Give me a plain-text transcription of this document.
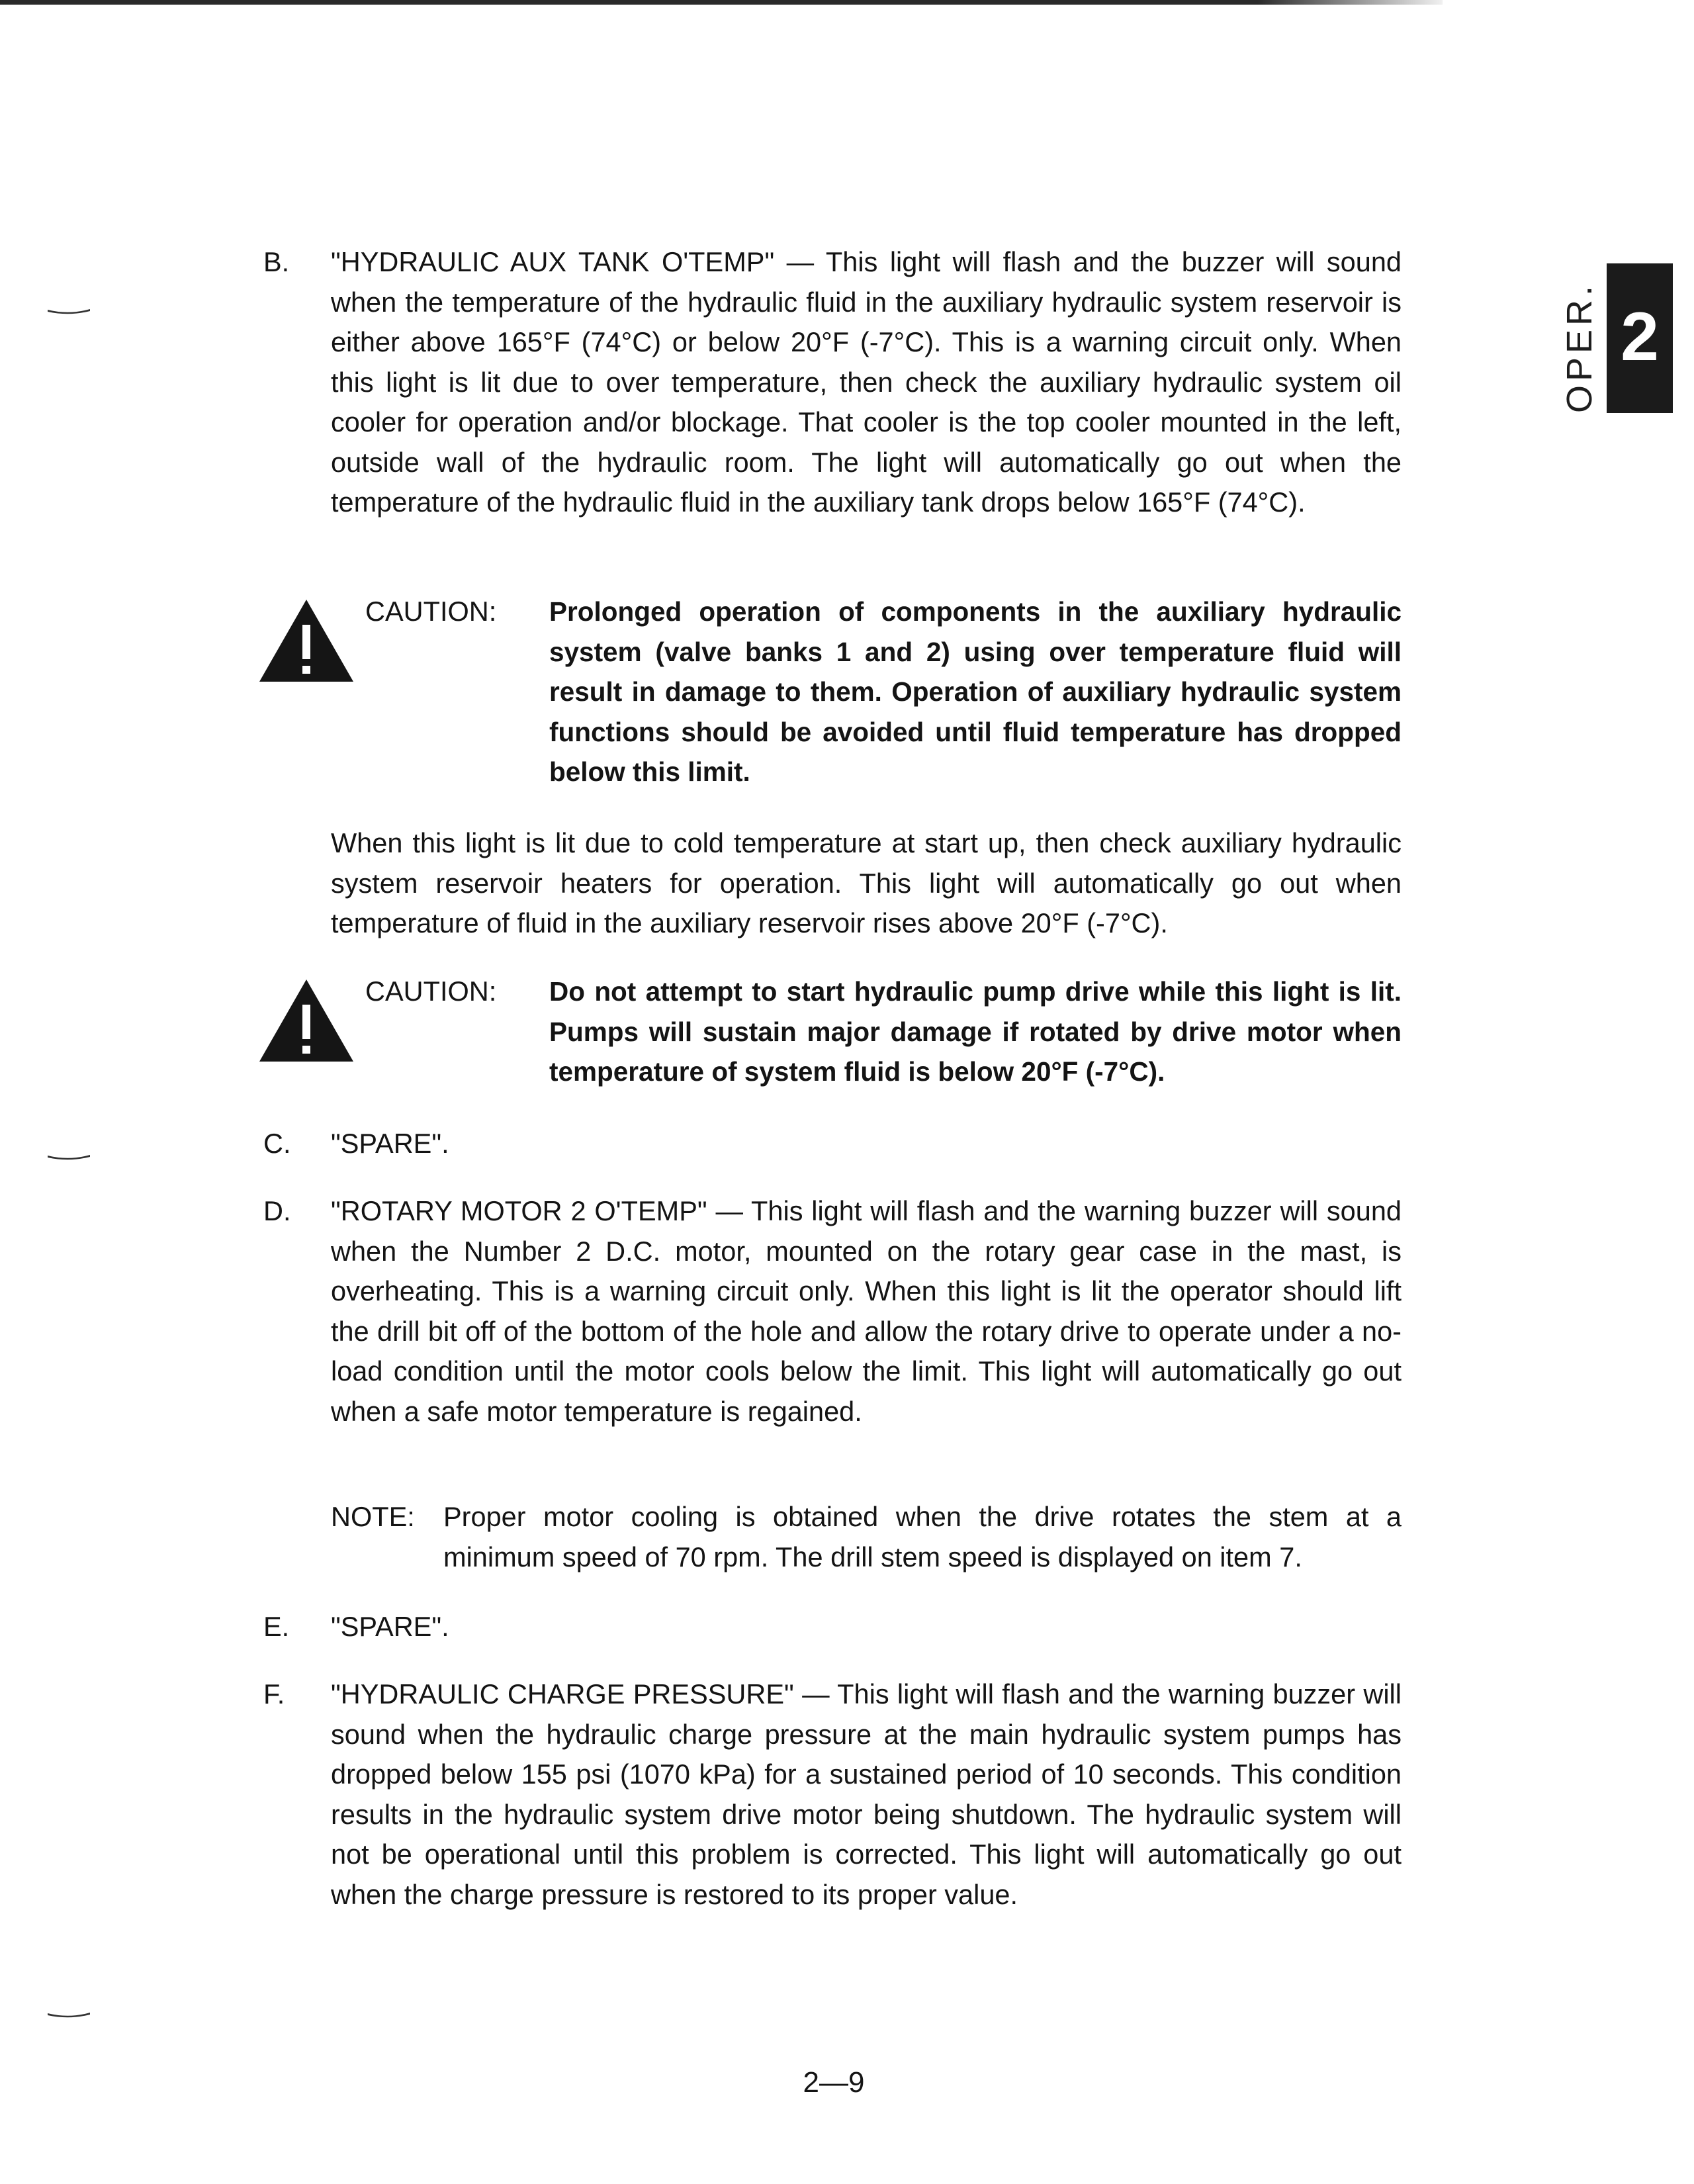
OPER. 2
B. "HYDRAULIC AUX TANK O'TEMP" — This light will flash and the buzzer will sound when the temperature of the hydraulic fluid in the auxiliary hydraulic system reservoir is either above 165°F (74°C) or below 20°F (-7°C). This is a warning circuit only. When this light is lit due to over temperature, then check the auxiliary hydraulic system oil cooler for operation and/or blockage. That cooler is the top cooler mounted in the left, outside wall of the hydraulic room. The light will automatically go out when the temperature of the hydraulic fluid in the auxiliary tank drops below 165°F (74°C).
CAUTION: Prolonged operation of components in the auxiliary hydraulic system (valve banks 1 and 2) using over temperature fluid will result in damage to them. Operation of auxiliary hydraulic system functions should be avoided until fluid temperature has dropped below this limit.
When this light is lit due to cold temperature at start up, then check auxiliary hydraulic system reservoir heaters for operation. This light will automatically go out when temperature of fluid in the auxiliary reservoir rises above 20°F (-7°C).
CAUTION: Do not attempt to start hydraulic pump drive while this light is lit. Pumps will sustain major damage if rotated by drive motor when temperature of system fluid is below 20°F (-7°C).
C. "SPARE".
D. "ROTARY MOTOR 2 O'TEMP" — This light will flash and the warning buzzer will sound when the Number 2 D.C. motor, mounted on the rotary gear case in the mast, is overheating. This is a warning circuit only. When this light is lit the operator should lift the drill bit off of the bottom of the hole and allow the rotary drive to operate under a no-load condition until the motor cools below the limit. This light will automatically go out when a safe motor temperature is regained.
NOTE: Proper motor cooling is obtained when the drive rotates the stem at a minimum speed of 70 rpm. The drill stem speed is displayed on item 7.
E. "SPARE".
F. "HYDRAULIC CHARGE PRESSURE" — This light will flash and the warning buzzer will sound when the hydraulic charge pressure at the main hydraulic system pumps has dropped below 155 psi (1070 kPa) for a sustained period of 10 seconds. This condition results in the hydraulic system drive motor being shutdown. The hydraulic system will not be operational until this problem is corrected. This light will automatically go out when the charge pressure is restored to its proper value.
2—9
